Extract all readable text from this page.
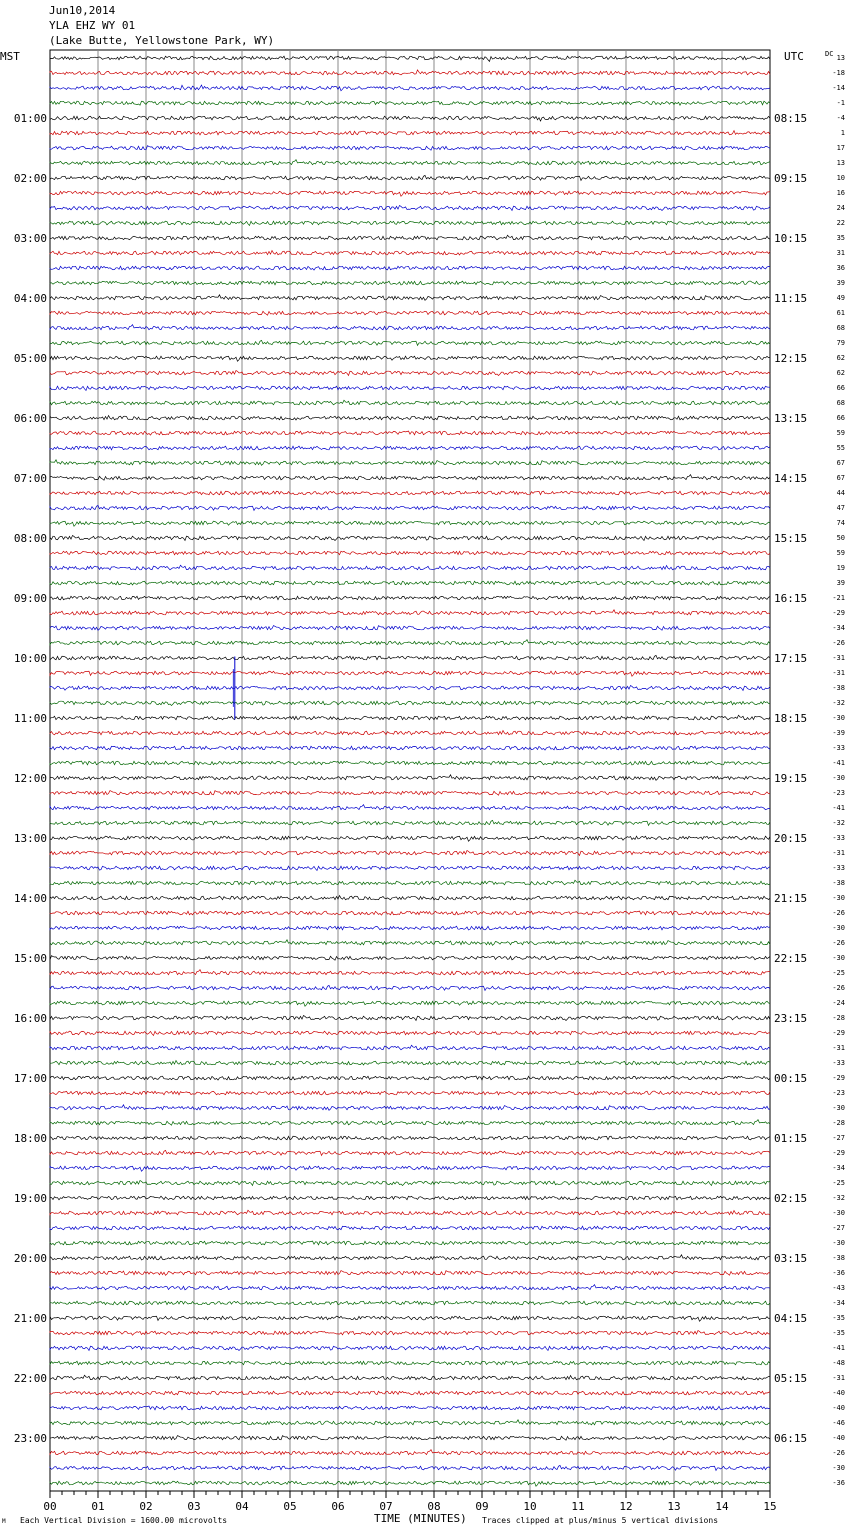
Jun10,2014
YLA EHZ WY 01
(Lake Butte, Yellowstone Park, WY)
MST	UTC
01:00
02:00
03:00
04:00
05:00
06:00
07:00
08:00
09:00
10:00
11:00
12:00
13:00
14:00
15:00
16:00
17:00
18:00
19:00
20:00
21:00
22:00
23:00
08:15
09:15
10:15
11:15
12:15
13:15
14:15
15:15
16:15
17:15
18:15
19:15
20:15
21:15
22:15
23:15
00:15
01:15
02:15
03:15
04:15
05:15
06:15
13
-18
-14
-1
-4
1
17
13
10
16
24
22
35
31
36
39
49
61
68
79
62
62
66
68
66
59
55
67
67
44
47
74
50
59
19
39
-21
-29
-34
-26
-31
-31
-38
-32
-30
-39
-33
-41
-30
-23
-41
-32
-33
-31
-33
-38
-30
-26
-30
-26
-30
-25
-26
-24
-28
-29
-31
-33
-29
-23
-30
-28
-27
-29
-34
-25
-32
-30
-27
-30
-38
-36
-43
-34
-35
-35
-41
-48
-31
-40
-40
-46
-40
-26
-30
-36
00	01	02	03	04	05	06	07	08	09	10	11	12	13	14	15
DC
M Each Vertical Division = 1600.00 microvolts	TIME (MINUTES) Traces clipped at plus/minus 5 vertical divisions
